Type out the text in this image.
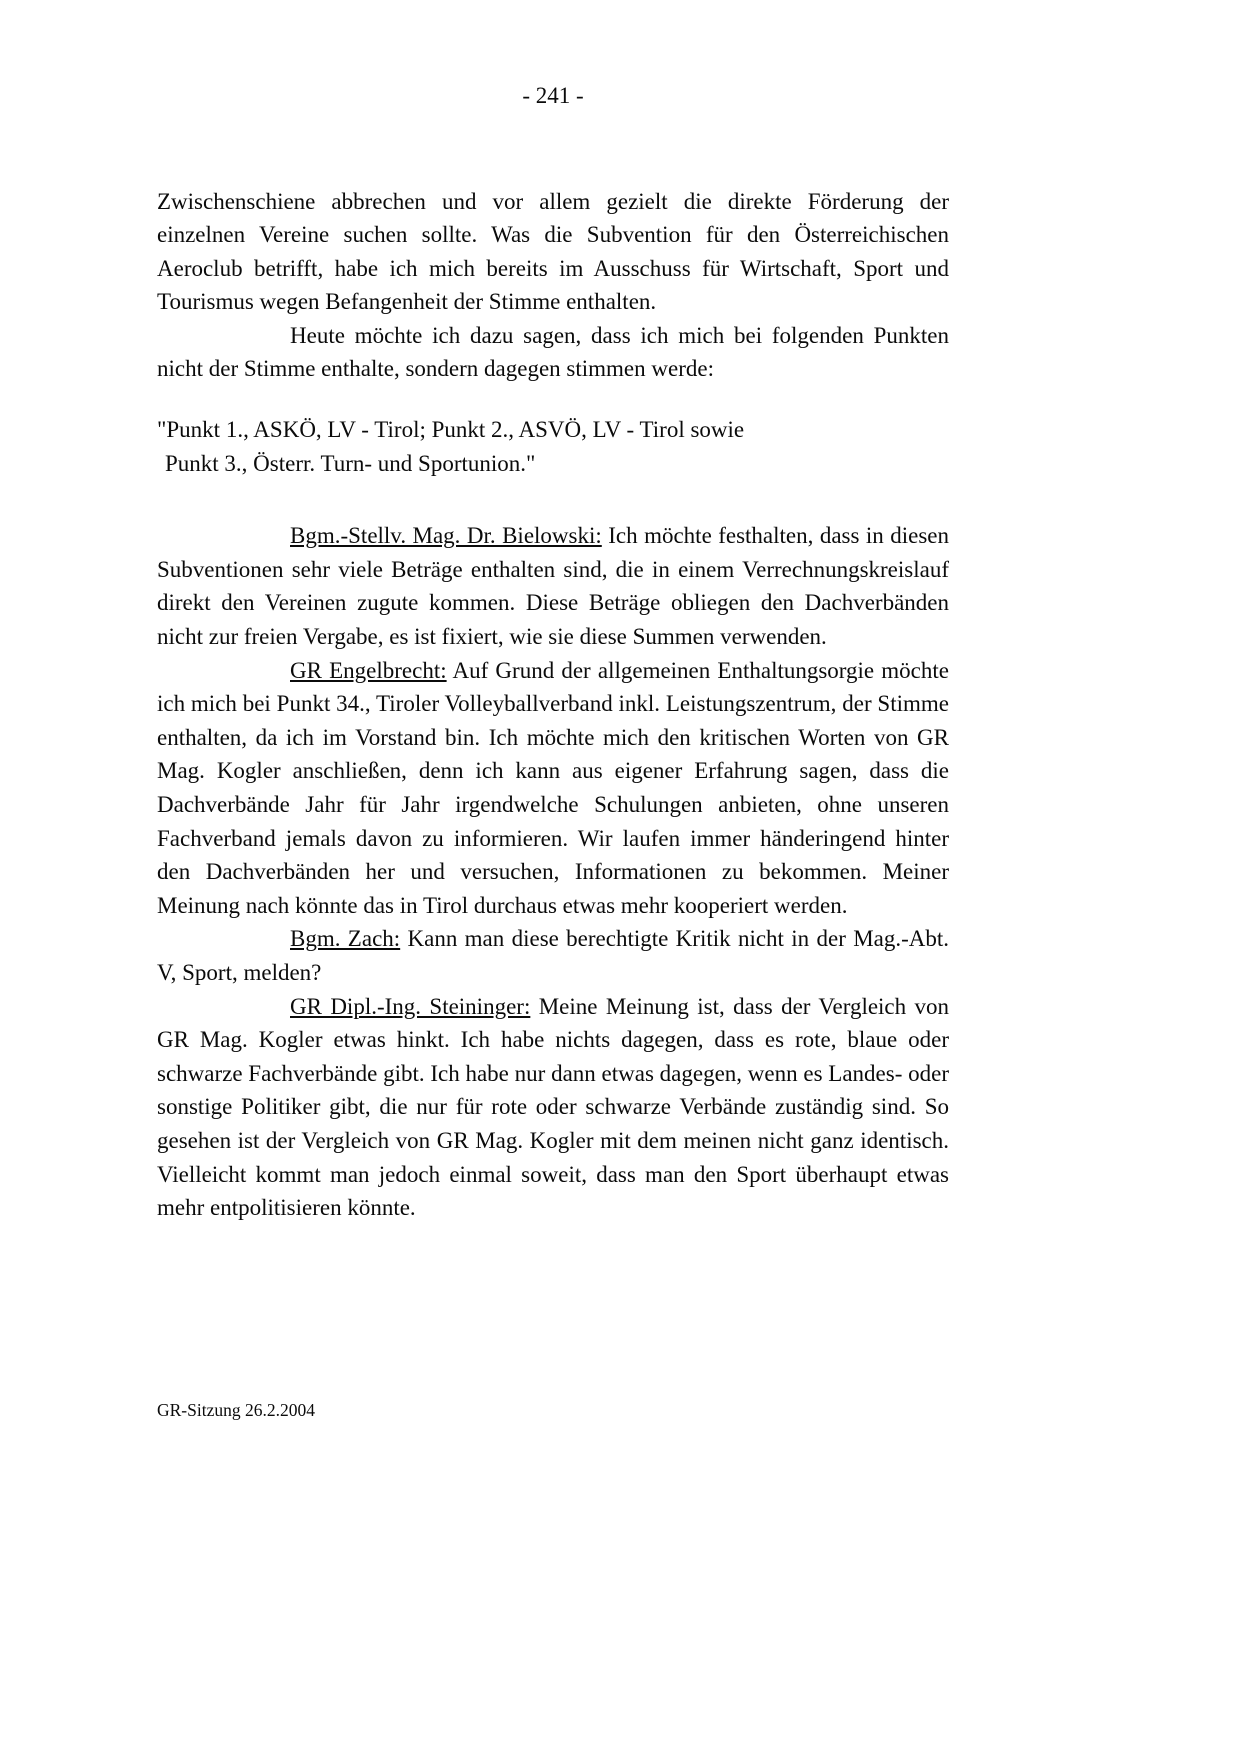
- 241 -

Zwischenschiene abbrechen und vor allem gezielt die direkte Förderung der einzelnen Vereine suchen sollte. Was die Subvention für den Österreichischen Aeroclub betrifft, habe ich mich bereits im Ausschuss für Wirtschaft, Sport und Tourismus wegen Befangenheit der Stimme enthalten.

Heute möchte ich dazu sagen, dass ich mich bei folgenden Punkten nicht der Stimme enthalte, sondern dagegen stimmen werde:

"Punkt 1., ASKÖ, LV - Tirol; Punkt 2., ASVÖ, LV - Tirol sowie
Punkt 3., Österr. Turn- und Sportunion."

Bgm.-Stellv. Mag. Dr. Bielowski: Ich möchte festhalten, dass in diesen Subventionen sehr viele Beträge enthalten sind, die in einem Verrechnungskreislauf direkt den Vereinen zugute kommen. Diese Beträge obliegen den Dachverbänden nicht zur freien Vergabe, es ist fixiert, wie sie diese Summen verwenden.

GR Engelbrecht: Auf Grund der allgemeinen Enthaltungsorgie möchte ich mich bei Punkt 34., Tiroler Volleyballverband inkl. Leistungszentrum, der Stimme enthalten, da ich im Vorstand bin. Ich möchte mich den kritischen Worten von GR Mag. Kogler anschließen, denn ich kann aus eigener Erfahrung sagen, dass die Dachverbände Jahr für Jahr irgendwelche Schulungen anbieten, ohne unseren Fachverband jemals davon zu informieren. Wir laufen immer händeringend hinter den Dachverbänden her und versuchen, Informationen zu bekommen. Meiner Meinung nach könnte das in Tirol durchaus etwas mehr kooperiert werden.

Bgm. Zach: Kann man diese berechtigte Kritik nicht in der Mag.-Abt. V, Sport, melden?

GR Dipl.-Ing. Steininger: Meine Meinung ist, dass der Vergleich von GR Mag. Kogler etwas hinkt. Ich habe nichts dagegen, dass es rote, blaue oder schwarze Fachverbände gibt. Ich habe nur dann etwas dagegen, wenn es Landes- oder sonstige Politiker gibt, die nur für rote oder schwarze Verbände zuständig sind. So gesehen ist der Vergleich von GR Mag. Kogler mit dem meinen nicht ganz identisch. Vielleicht kommt man jedoch einmal soweit, dass man den Sport überhaupt etwas mehr entpolitisieren könnte.

GR-Sitzung 26.2.2004
